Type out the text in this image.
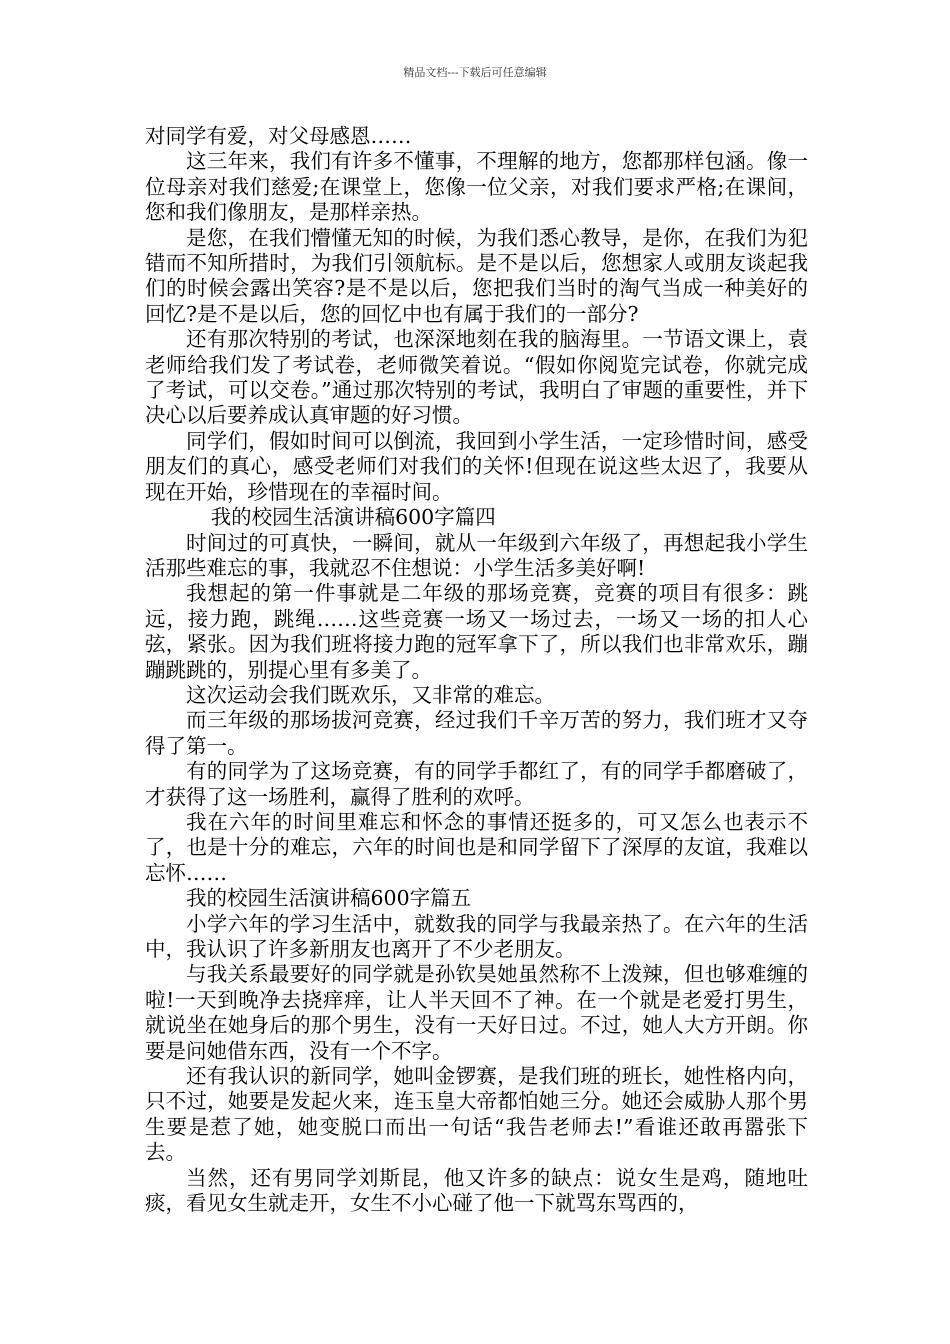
精品文档---下载后可任意编辑

对同学有爱，对父母感恩……

这三年来，我们有许多不懂事，不理解的地方，您都那样包涵。像一位母亲对我们慈爱;在课堂上，您像一位父亲，对我们要求严格;在课间，您和我们像朋友，是那样亲热。

是您，在我们懵懂无知的时候，为我们悉心教导，是你，在我们为犯错而不知所措时，为我们引领航标。是不是以后，您想家人或朋友谈起我们的时候会露出笑容?是不是以后，您把我们当时的淘气当成一种美好的回忆?是不是以后，您的回忆中也有属于我们的一部分?

还有那次特别的考试，也深深地刻在我的脑海里。一节语文课上，袁老师给我们发了考试卷，老师微笑着说。“假如你阅览完试卷，你就完成了考试，可以交卷。”通过那次特别的考试，我明白了审题的重要性，并下决心以后要养成认真审题的好习惯。

同学们，假如时间可以倒流，我回到小学生活，一定珍惜时间，感受朋友们的真心，感受老师们对我们的关怀!但现在说这些太迟了，我要从现在开始，珍惜现在的幸福时间。

我的校园生活演讲稿600字篇四

时间过的可真快，一瞬间，就从一年级到六年级了，再想起我小学生活那些难忘的事，我就忍不住想说：小学生活多美好啊!

我想起的第一件事就是二年级的那场竞赛，竞赛的项目有很多：跳远，接力跑，跳绳……这些竞赛一场又一场过去，一场又一场的扣人心弦，紧张。因为我们班将接力跑的冠军拿下了，所以我们也非常欢乐，蹦蹦跳跳的，别提心里有多美了。

这次运动会我们既欢乐，又非常的难忘。

而三年级的那场拔河竞赛，经过我们千辛万苦的努力，我们班才又夺得了第一。

有的同学为了这场竞赛，有的同学手都红了，有的同学手都磨破了，才获得了这一场胜利，赢得了胜利的欢呼。

我在六年的时间里难忘和怀念的事情还挺多的，可又怎么也表示不了，也是十分的难忘，六年的时间也是和同学留下了深厚的友谊，我难以忘怀……

我的校园生活演讲稿600字篇五

小学六年的学习生活中，就数我的同学与我最亲热了。在六年的生活中，我认识了许多新朋友也离开了不少老朋友。

与我关系最要好的同学就是孙钦昊她虽然称不上泼辣，但也够难缠的啦!一天到晚净去挠痒痒，让人半天回不了神。在一个就是老爱打男生，就说坐在她身后的那个男生，没有一天好日过。不过，她人大方开朗。你要是问她借东西，没有一个不字。

还有我认识的新同学，她叫金锣赛，是我们班的班长，她性格内向，只不过，她要是发起火来，连玉皇大帝都怕她三分。她还会威胁人那个男生要是惹了她，她变脱口而出一句话“我告老师去!”看谁还敢再嚣张下去。

当然，还有男同学刘斯昆，他又许多的缺点：说女生是鸡，随地吐痰，看见女生就走开，女生不小心碰了他一下就骂东骂西的，
